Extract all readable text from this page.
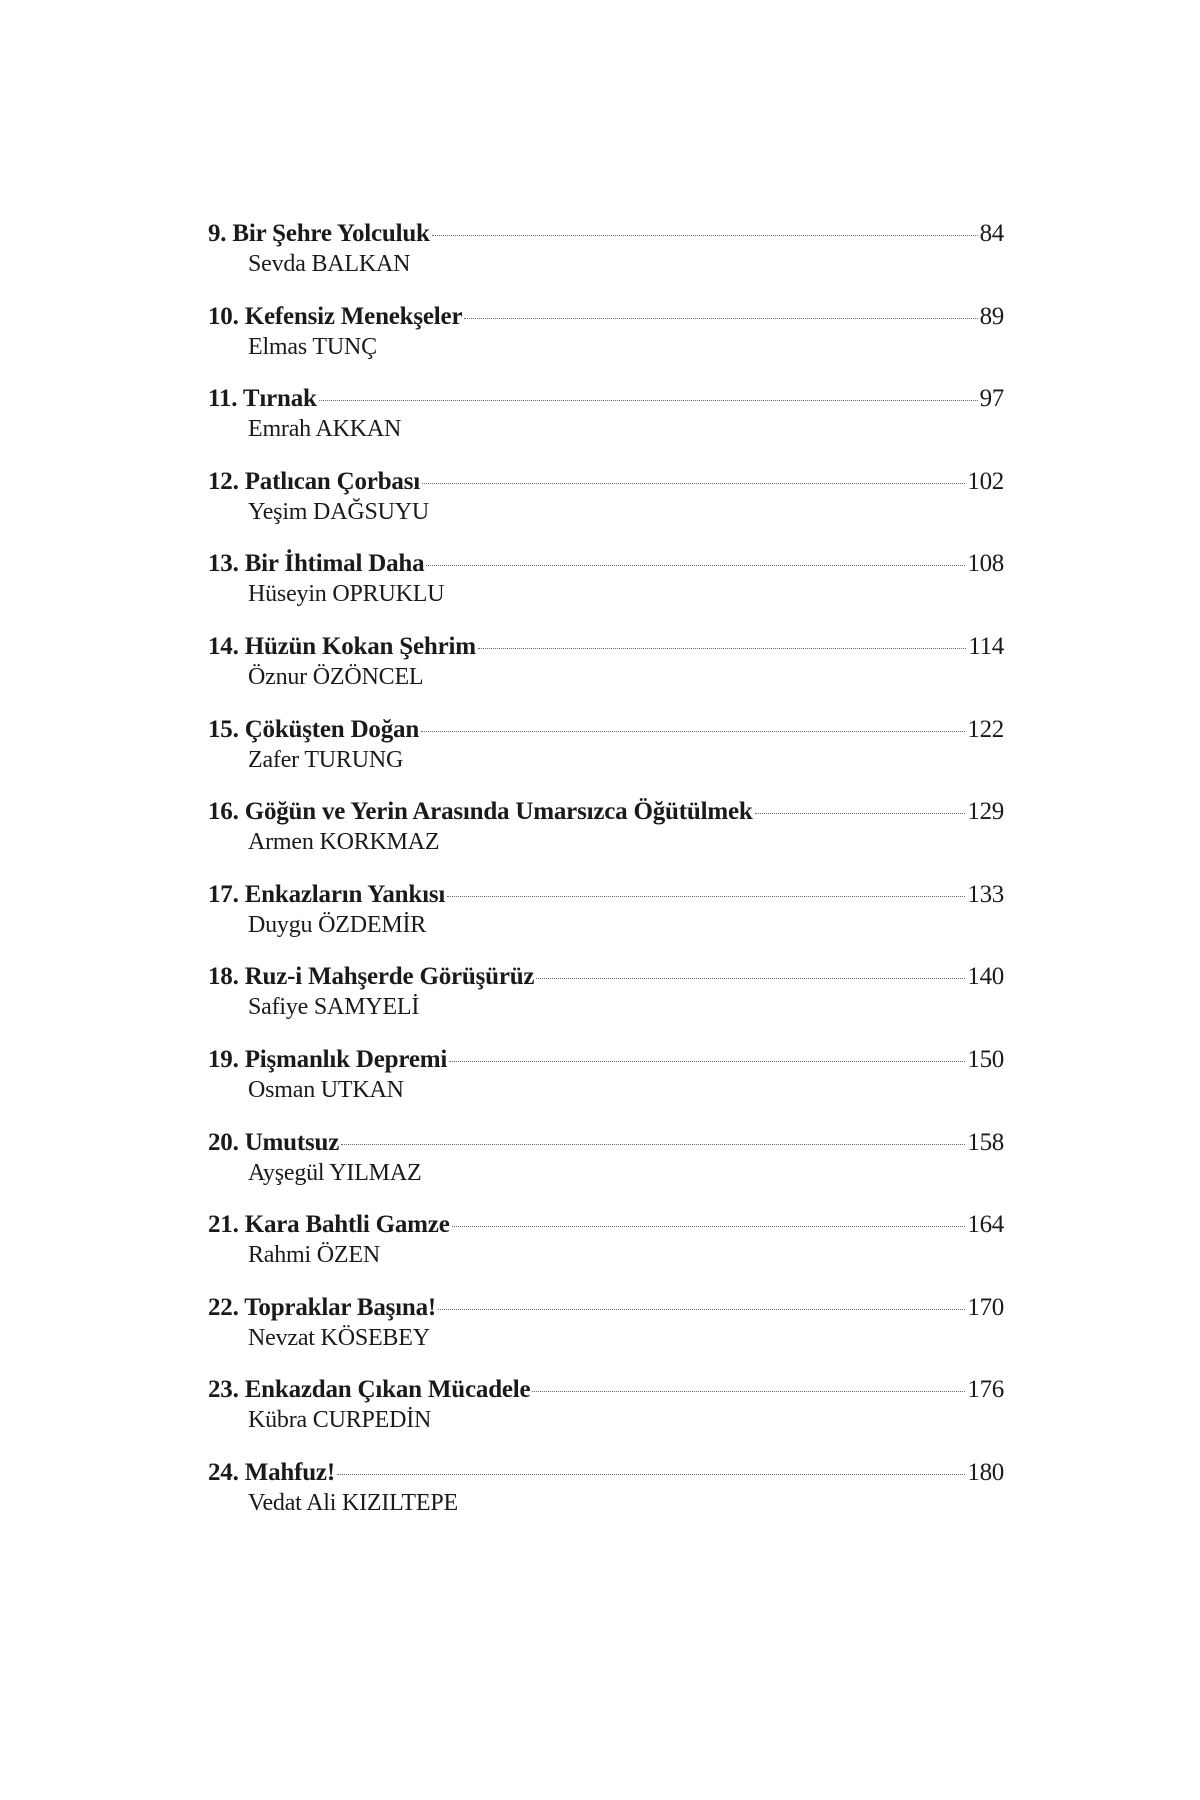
9. Bir Şehre Yolculuk	84
Sevda BALKAN
10. Kefensiz Menekşeler	89
Elmas TUNÇ
11. Tırnak	97
Emrah AKKAN
12. Patlıcan Çorbası	102
Yeşim DAĞSUYU
13. Bir İhtimal Daha	108
Hüseyin OPRUKLU
14. Hüzün Kokan Şehrim	114
Öznur ÖZÖNCEL
15. Çöküşten Doğan	122
Zafer TURUNG
16. Göğün ve Yerin Arasında Umarsızca Öğütülmek	129
Armen KORKMAZ
17. Enkazların Yankısı	133
Duygu ÖZDEMİR
18. Ruz-i Mahşerde Görüşürüz	140
Safiye SAMYELİ
19. Pişmanlık Depremi	150
Osman UTKAN
20. Umutsuz	158
Ayşegül YILMAZ
21. Kara Bahtli Gamze	164
Rahmi ÖZEN
22. Topraklar Başına!	170
Nevzat KÖSEBEY
23. Enkazdan Çıkan Mücadele	176
Kübra CURPEDİN
24. Mahfuz!	180
Vedat Ali KIZILTEPE
